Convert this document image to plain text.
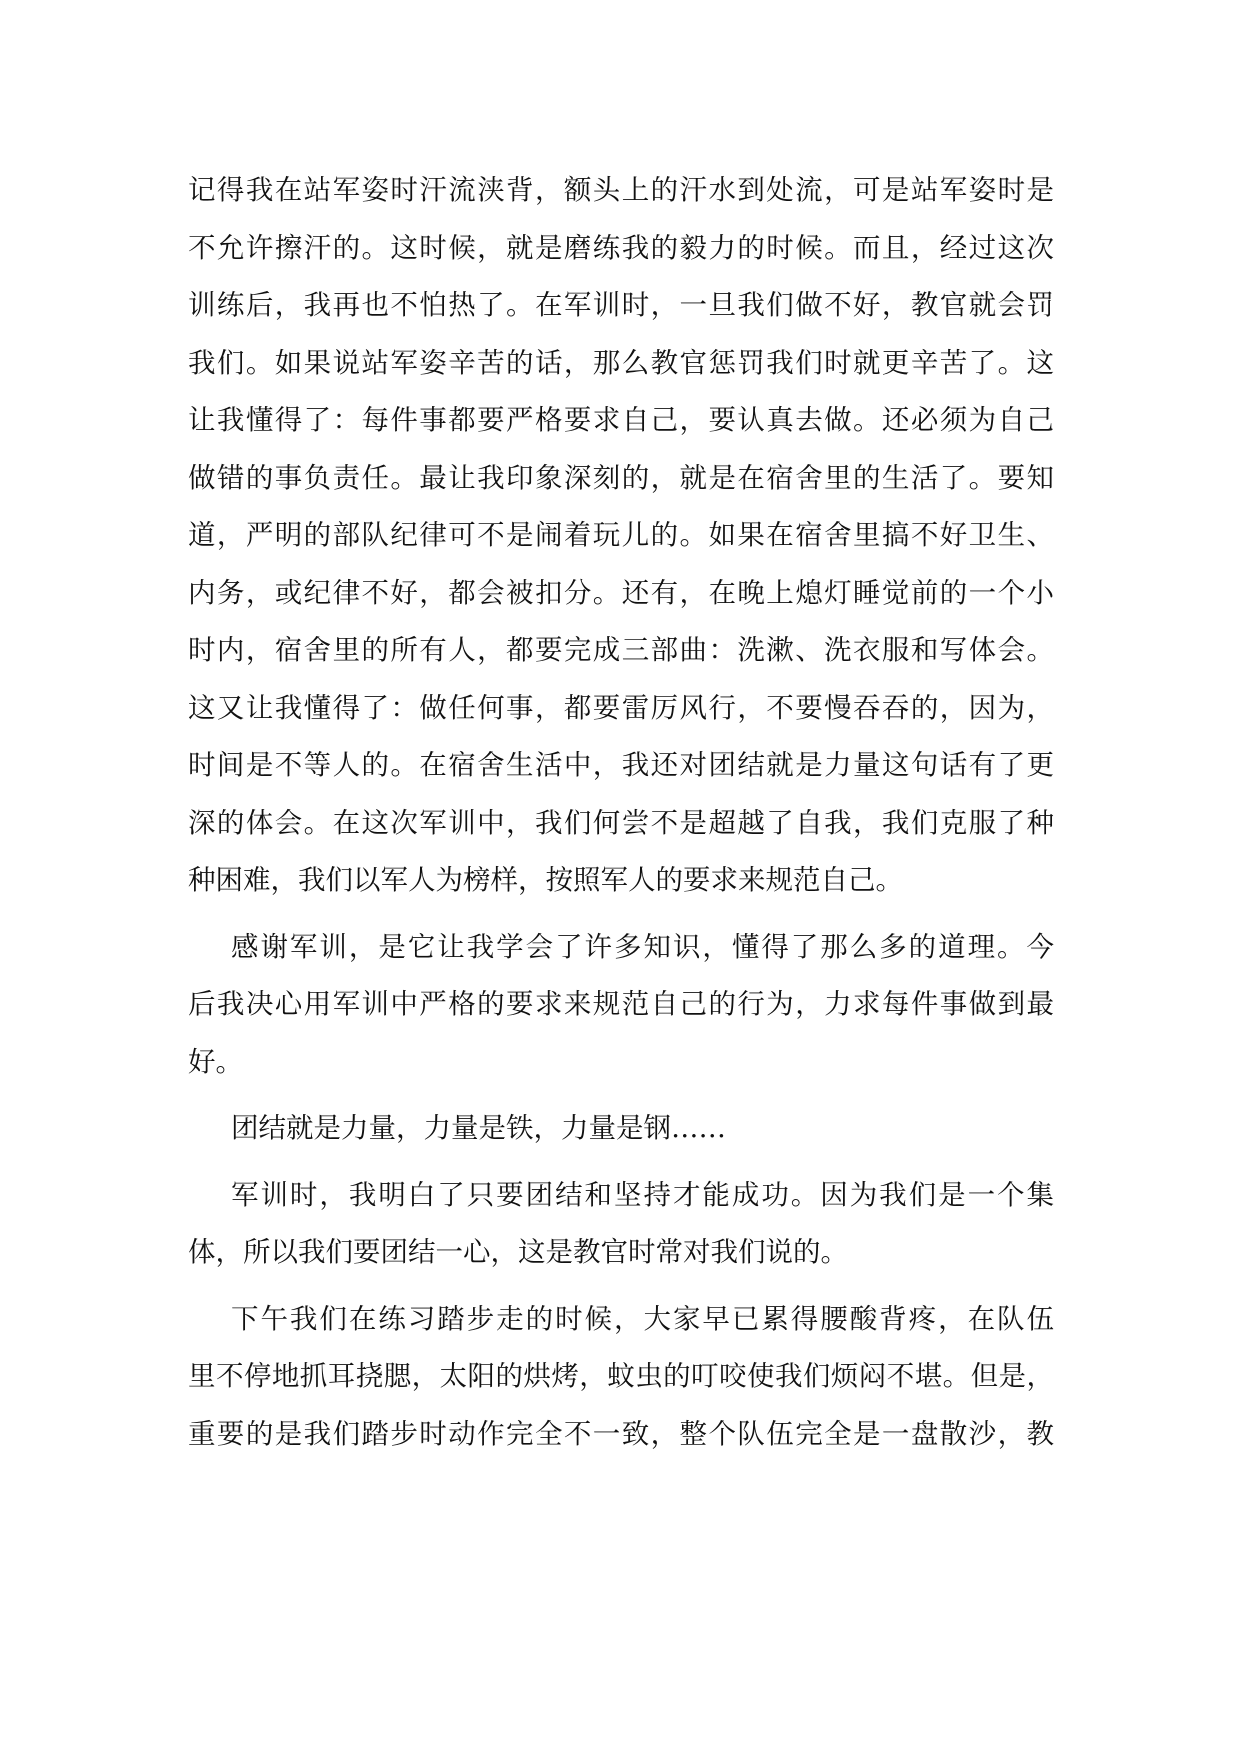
记得我在站军姿时汗流浃背，额头上的汗水到处流，可是站军姿时是
不允许擦汗的。这时候，就是磨练我的毅力的时候。而且，经过这次
训练后，我再也不怕热了。在军训时，一旦我们做不好，教官就会罚
我们。如果说站军姿辛苦的话，那么教官惩罚我们时就更辛苦了。这
让我懂得了：每件事都要严格要求自己，要认真去做。还必须为自己
做错的事负责任。最让我印象深刻的，就是在宿舍里的生活了。要知
道，严明的部队纪律可不是闹着玩儿的。如果在宿舍里搞不好卫生、
内务，或纪律不好，都会被扣分。还有，在晚上熄灯睡觉前的一个小
时内，宿舍里的所有人，都要完成三部曲：洗漱、洗衣服和写体会。
这又让我懂得了：做任何事，都要雷厉风行，不要慢吞吞的，因为，
时间是不等人的。在宿舍生活中，我还对团结就是力量这句话有了更
深的体会。在这次军训中，我们何尝不是超越了自我，我们克服了种
种困难，我们以军人为榜样，按照军人的要求来规范自己。
感谢军训，是它让我学会了许多知识，懂得了那么多的道理。今
后我决心用军训中严格的要求来规范自己的行为，力求每件事做到最
好。
团结就是力量，力量是铁，力量是钢……
军训时，我明白了只要团结和坚持才能成功。因为我们是一个集
体，所以我们要团结一心，这是教官时常对我们说的。
下午我们在练习踏步走的时候，大家早已累得腰酸背疼，在队伍
里不停地抓耳挠腮，太阳的烘烤，蚊虫的叮咬使我们烦闷不堪。但是，
重要的是我们踏步时动作完全不一致，整个队伍完全是一盘散沙，教
